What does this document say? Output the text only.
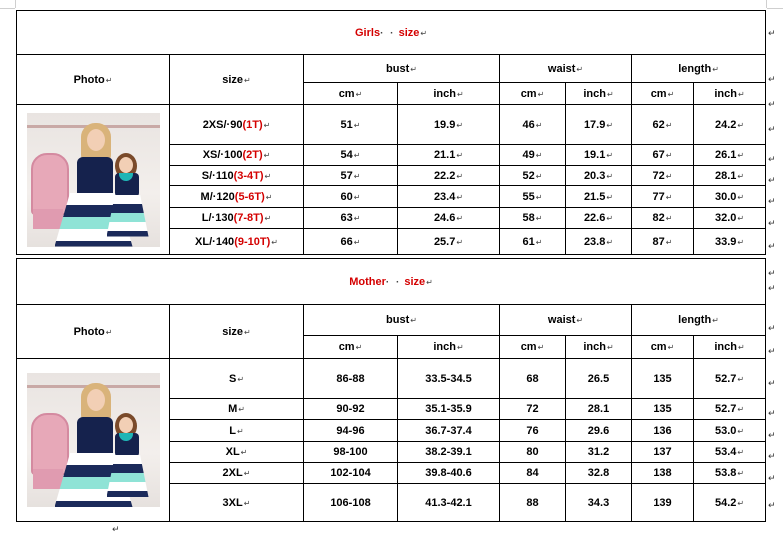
Girls· · size↵							
Photo↵	size↵	bust↵		waist↵		length↵	
		cm↵	inch↵	cm↵	inch↵	cm↵	inch↵

	2XS/·90(1T)↵	51↵	19.9↵	46↵	17.9↵	62↵	24.2↵
	XS/·100(2T)↵	54↵	21.1↵	49↵	19.1↵	67↵	26.1↵
	S/·110(3-4T)↵	57↵	22.2↵	52↵	20.3↵	72↵	28.1↵
	M/·120(5-6T)↵	60↵	23.4↵	55↵	21.5↵	77↵	30.0↵
	L/·130(7-8T)↵	63↵	24.6↵	58↵	22.6↵	82↵	32.0↵
	XL/·140(9-10T)↵	66↵	25.7↵	61↵	23.8↵	87↵	33.9↵
Mother· · size↵							
Photo↵	size↵	bust↵		waist↵		length↵	
		cm↵	inch↵	cm↵	inch↵	cm↵	inch↵

	S↵	86-88	33.5-34.5	68	26.5	135	52.7↵
	M↵	90-92	35.1-35.9	72	28.1	135	52.7↵
	L↵	94-96	36.7-37.4	76	29.6	136	53.0↵
	XL↵	98-100	38.2-39.1	80	31.2	137	53.4↵
	2XL↵	102-104	39.8-40.6	84	32.8	138	53.8↵
	3XL↵	106-108	41.3-42.1	88	34.3	139	54.2↵
↵
↵
↵
↵
↵
↵
↵
↵
↵
↵
↵
↵
↵
↵
↵
↵
↵
↵
↵
↵
